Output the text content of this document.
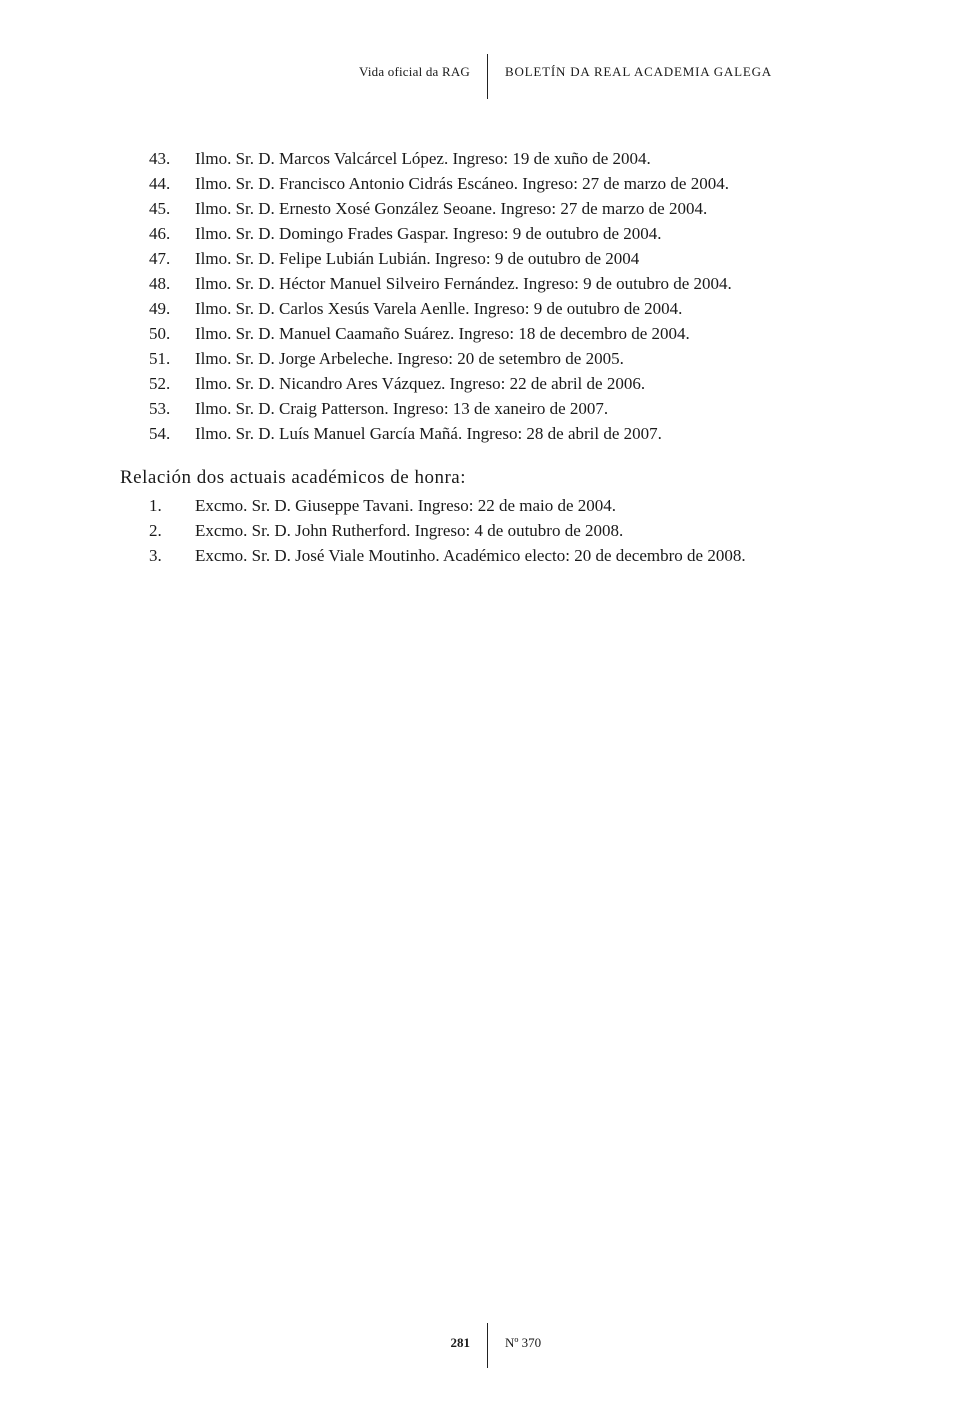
Vida oficial da RAG	BOLETÍN DA REAL ACADEMIA GALEGA
43. Ilmo. Sr. D. Marcos Valcárcel López. Ingreso: 19 de xuño de 2004.
44. Ilmo. Sr. D. Francisco Antonio Cidrás Escáneo. Ingreso: 27 de marzo de 2004.
45. Ilmo. Sr. D. Ernesto Xosé González Seoane. Ingreso: 27 de marzo de 2004.
46. Ilmo. Sr. D. Domingo Frades Gaspar. Ingreso: 9 de outubro de 2004.
47. Ilmo. Sr. D. Felipe Lubián Lubián. Ingreso: 9 de outubro de 2004
48. Ilmo. Sr. D. Héctor Manuel Silveiro Fernández. Ingreso: 9 de outubro de 2004.
49. Ilmo. Sr. D. Carlos Xesús Varela Aenlle. Ingreso: 9 de outubro de 2004.
50. Ilmo. Sr. D. Manuel Caamaño Suárez. Ingreso: 18 de decembro de 2004.
51. Ilmo. Sr. D. Jorge Arbeleche. Ingreso: 20 de setembro de 2005.
52. Ilmo. Sr. D. Nicandro Ares Vázquez. Ingreso: 22 de abril de 2006.
53. Ilmo. Sr. D. Craig Patterson. Ingreso: 13 de xaneiro de 2007.
54. Ilmo. Sr. D. Luís Manuel García Mañá. Ingreso: 28 de abril de 2007.
Relación dos actuais académicos de honra:
1. Excmo. Sr. D. Giuseppe Tavani. Ingreso: 22 de maio de 2004.
2. Excmo. Sr. D. John Rutherford. Ingreso: 4 de outubro de 2008.
3. Excmo. Sr. D. José Viale Moutinho. Académico electo: 20 de decembro de 2008.
281	Nº 370
